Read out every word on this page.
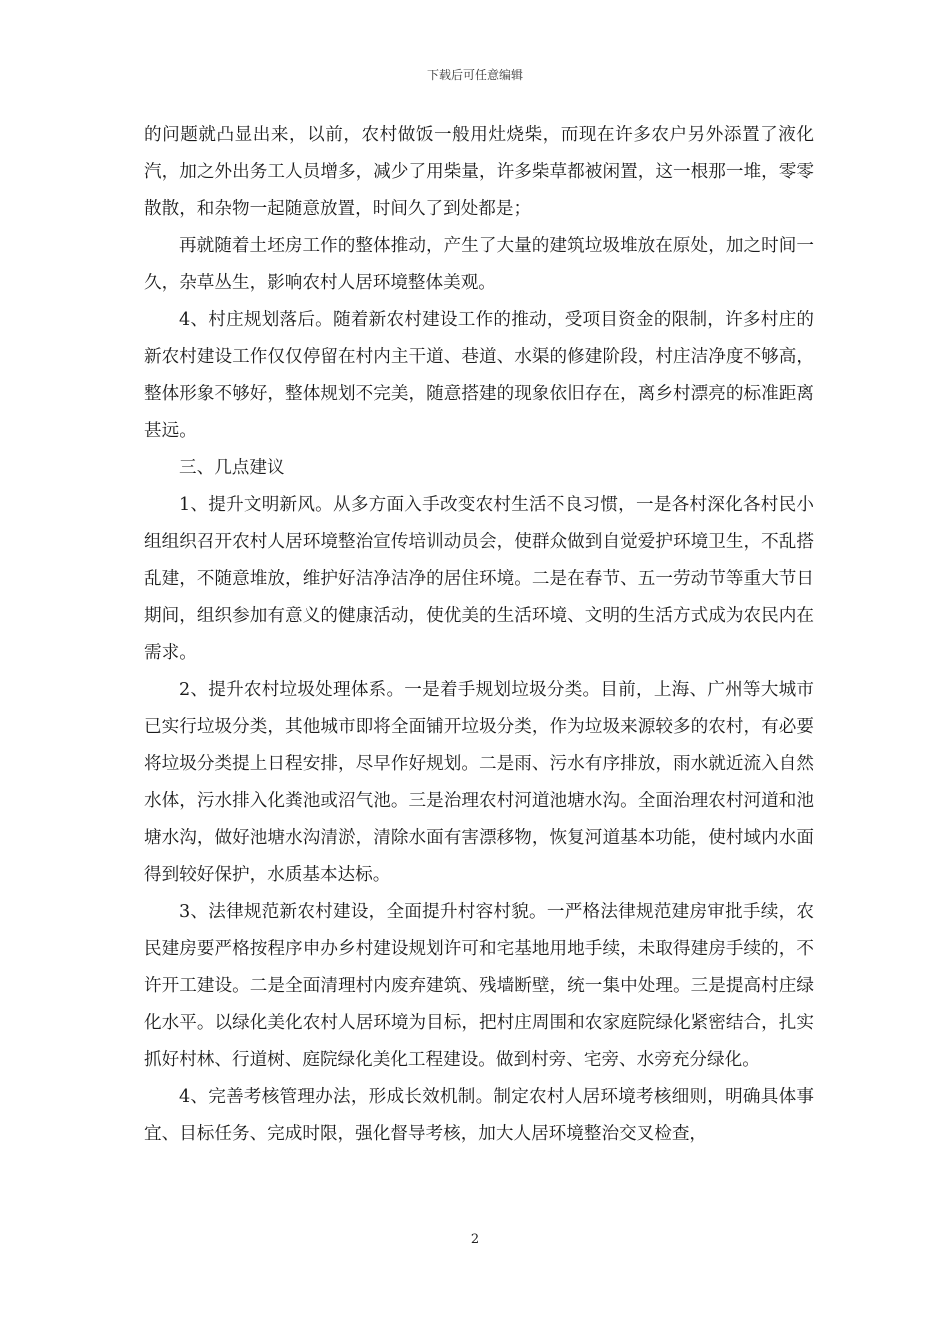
下载后可任意编辑

的问题就凸显出来，以前，农村做饭一般用灶烧柴，而现在许多农户另外添置了液化汽，加之外出务工人员增多，减少了用柴量，许多柴草都被闲置，这一根那一堆，零零散散，和杂物一起随意放置，时间久了到处都是；

再就随着土坯房工作的整体推动，产生了大量的建筑垃圾堆放在原处，加之时间一久，杂草丛生，影响农村人居环境整体美观。

4、村庄规划落后。随着新农村建设工作的推动，受项目资金的限制，许多村庄的新农村建设工作仅仅停留在村内主干道、巷道、水渠的修建阶段，村庄洁净度不够高，整体形象不够好，整体规划不完美，随意搭建的现象依旧存在，离乡村漂亮的标准距离甚远。

三、几点建议

1、提升文明新风。从多方面入手改变农村生活不良习惯，一是各村深化各村民小组组织召开农村人居环境整治宣传培训动员会，使群众做到自觉爱护环境卫生，不乱搭乱建，不随意堆放，维护好洁净洁净的居住环境。二是在春节、五一劳动节等重大节日期间，组织参加有意义的健康活动，使优美的生活环境、文明的生活方式成为农民内在需求。

2、提升农村垃圾处理体系。一是着手规划垃圾分类。目前，上海、广州等大城市已实行垃圾分类，其他城市即将全面铺开垃圾分类，作为垃圾来源较多的农村，有必要将垃圾分类提上日程安排，尽早作好规划。二是雨、污水有序排放，雨水就近流入自然水体，污水排入化粪池或沼气池。三是治理农村河道池塘水沟。全面治理农村河道和池塘水沟，做好池塘水沟清淤，清除水面有害漂移物，恢复河道基本功能，使村域内水面得到较好保护，水质基本达标。

3、法律规范新农村建设，全面提升村容村貌。一严格法律规范建房审批手续，农民建房要严格按程序申办乡村建设规划许可和宅基地用地手续，未取得建房手续的，不许开工建设。二是全面清理村内废弃建筑、残墙断壁，统一集中处理。三是提高村庄绿化水平。以绿化美化农村人居环境为目标，把村庄周围和农家庭院绿化紧密结合，扎实抓好村林、行道树、庭院绿化美化工程建设。做到村旁、宅旁、水旁充分绿化。

4、完善考核管理办法，形成长效机制。制定农村人居环境考核细则，明确具体事宜、目标任务、完成时限，强化督导考核，加大人居环境整治交叉检查，

2
